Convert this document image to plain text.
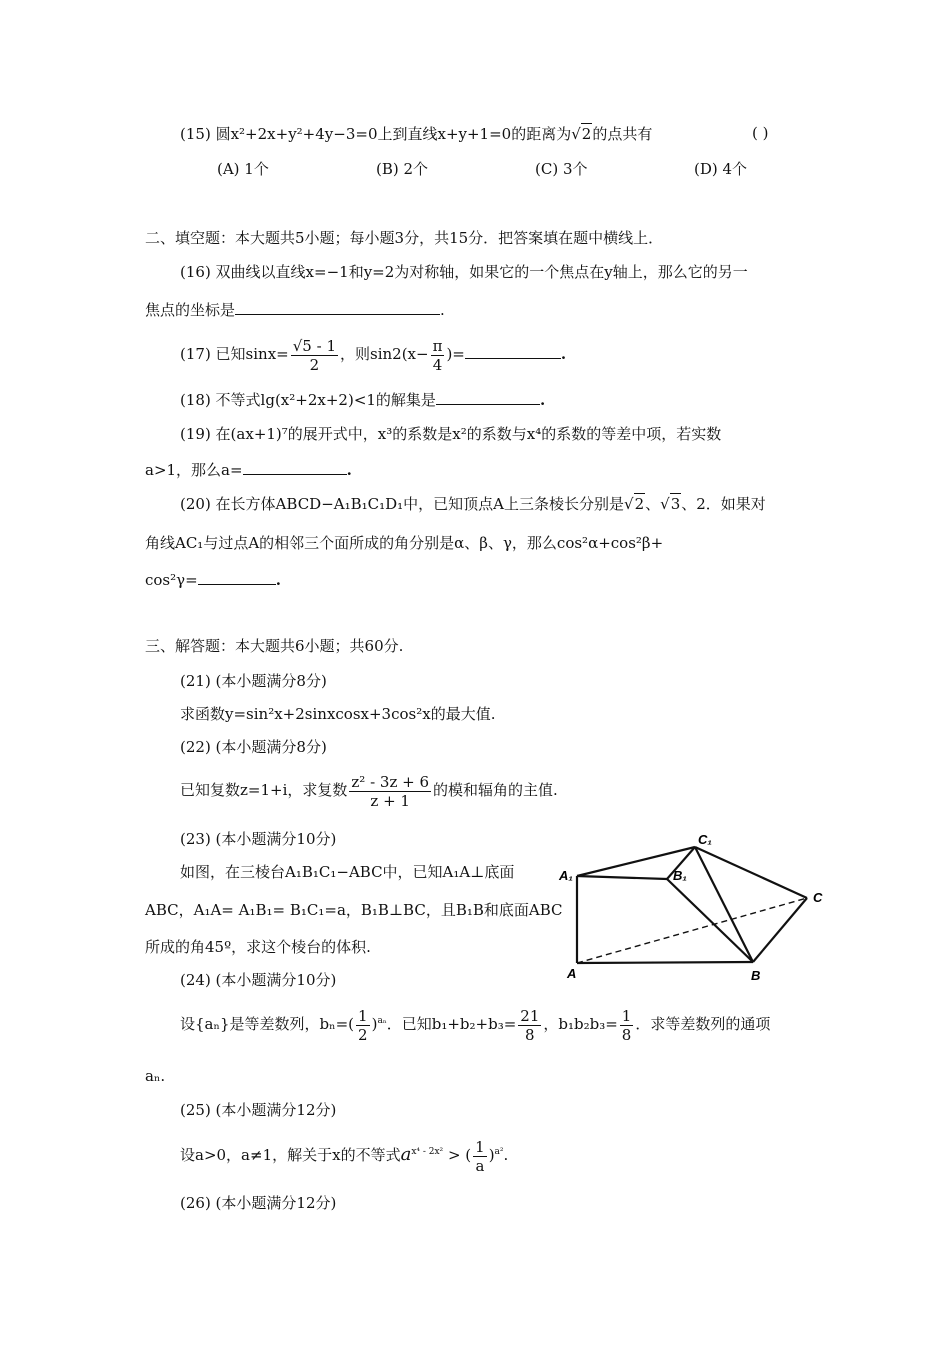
(15) 圆x²+2x+y²+4y−3=0上到直线x+y+1=0的距离为√2的点共有	( )
(A) 1个	(B) 2个	(C) 3个	(D) 4个
二、填空题：本大题共5小题；每小题3分，共15分．把答案填在题中横线上．
(16) 双曲线以直线x=−1和y=2为对称轴，如果它的一个焦点在y轴上，那么它的另一
焦点的坐标是	.
(17) 已知$\sin x= \frac{√5 - 1}{2}$ ，则$\sin 2(x- \frac{\pi}{4}$ )=	.
(18) 不等式lg(x²+2x+2)<1的解集是	.
(19) 在(ax+1)⁷的展开式中，x³的系数是x²的系数与x⁴的系数的等差中项，若实数
a>1，那么a=	.
(20) 在长方体ABCD−A₁B₁C₁D₁中，已知顶点A上三条棱长分别是√2、√3、2．如果对
角线AC₁与过点A的相邻三个面所成的角分别是α、β、γ，那么cos²α+cos²β+
cos²γ=	.
三、解答题：本大题共6小题；共60分.
(21) (本小题满分8分)
求函数y=sin²x+2sinxcosx+3cos²x的最大值.
(22) (本小题满分8分)
已知复数z=1+i，求复数 $\frac{\text{z² - 3z + 6}}{z + 1}$ 的模和辐角的主值.
(23) (本小题满分10分)
如图，在三棱台A₁B₁C₁−ABC中，已知A₁A⊥底面
ABC，A₁A= A₁B₁= B₁C₁=a，B₁B⊥BC，且B₁B和底面ABC
所成的角45º，求这个棱台的体积.
A	B
C
A₁	B₁
C₁
(24) (本小题满分10分)
设{aₙ}是等差数列，$b_n=( \frac{1}{2} )^{a_n}$．已知$b_1+b_2+b_3= \frac{21}{8}$ ，$b_1b_2b_3= \frac{1}{8}$ ．求等差数列的通项
aₙ.
(25) (本小题满分12分)
设a>0，a≠1，解关于x的不等式$a^{x^4 - 2x^2}$ > ( $\frac{1}{a} )^{a^2}$.
(26) (本小题满分12分)
